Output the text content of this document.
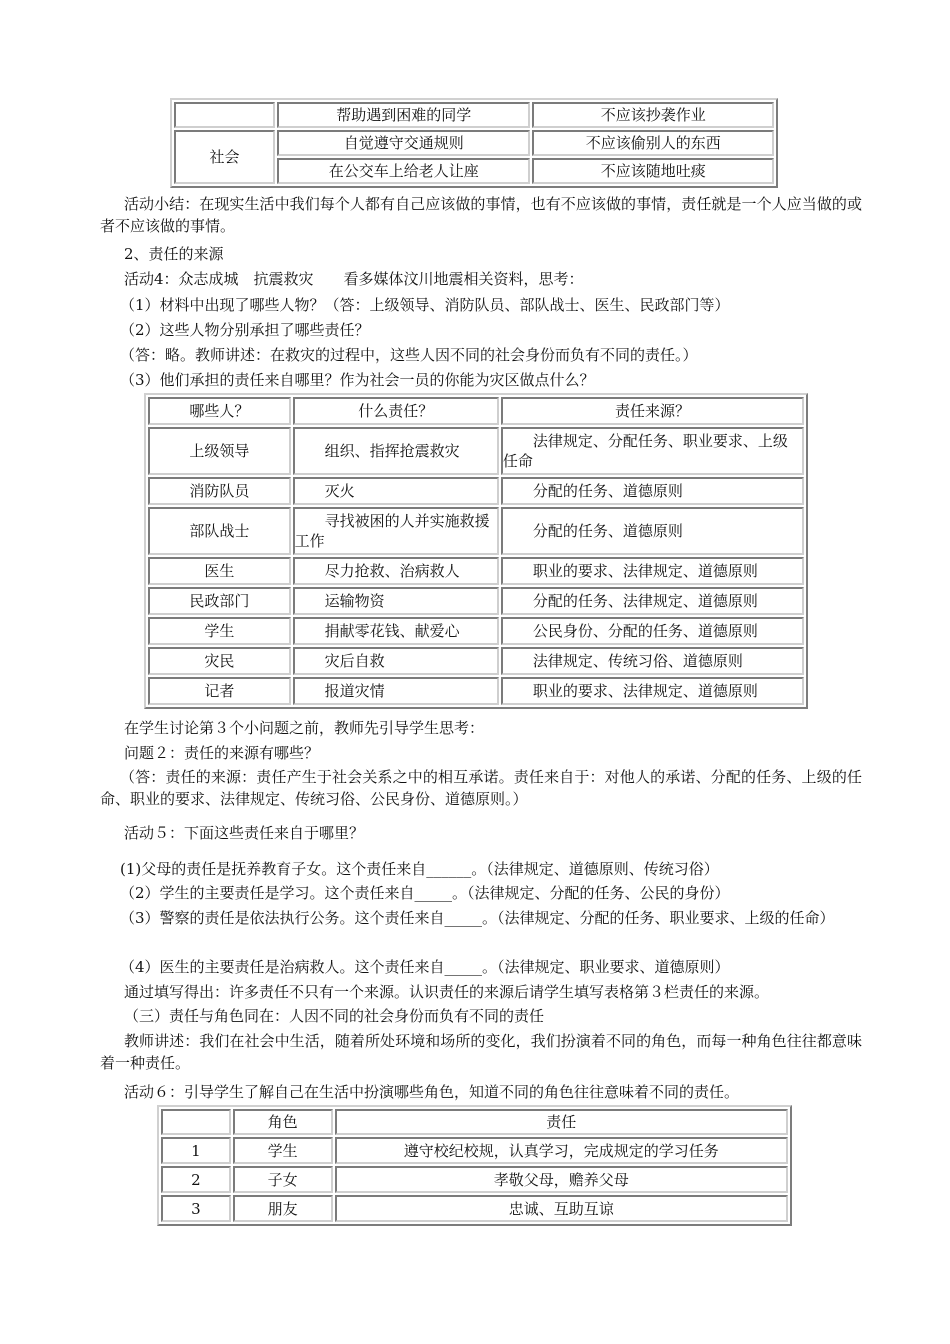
	帮助遇到困难的同学	不应该抄袭作业
社会	自觉遵守交通规则	不应该偷别人的东西
	在公交车上给老人让座	不应该随地吐痰

活动小结：在现实生活中我们每个人都有自己应该做的事情，也有不应该做的事情，责任就是一个人应当做的或者不应该做的事情。

2、责任的来源

活动4：众志成城　抗震救灾　　看多媒体汶川地震相关资料，思考：

（1）材料中出现了哪些人物？（答：上级领导、消防队员、部队战士、医生、民政部门等）

（2）这些人物分别承担了哪些责任？

（答：略。教师讲述：在救灾的过程中，这些人因不同的社会身份而负有不同的责任。）

（3）他们承担的责任来自哪里？作为社会一员的你能为灾区做点什么？

哪些人？	什么责任？	责任来源？
上级领导	组织、指挥抢震救灾	法律规定、分配任务、职业要求、上级任命
消防队员	灭火	分配的任务、道德原则
部队战士	寻找被困的人并实施救援工作	分配的任务、道德原则
医生	尽力抢救、治病救人	职业的要求、法律规定、道德原则
民政部门	运输物资	分配的任务、法律规定、道德原则
学生	捐献零花钱、献爱心	公民身份、分配的任务、道德原则
灾民	灾后自救	法律规定、传统习俗、道德原则
记者	报道灾情	职业的要求、法律规定、道德原则

在学生讨论第３个小问题之前，教师先引导学生思考：

问题２：责任的来源有哪些？

（答：责任的来源：责任产生于社会关系之中的相互承诺。责任来自于：对他人的承诺、分配的任务、上级的任命、职业的要求、法律规定、传统习俗、公民身份、道德原则。）

活动５：下面这些责任来自于哪里？

(1)父母的责任是抚养教育子女。这个责任来自______。（法律规定、道德原则、传统习俗）

（2）学生的主要责任是学习。这个责任来自_____。（法律规定、分配的任务、公民的身份）

（3）警察的责任是依法执行公务。这个责任来自_____。（法律规定、分配的任务、职业要求、上级的任命）

（4）医生的主要责任是治病救人。这个责任来自_____。（法律规定、职业要求、道德原则）

通过填写得出：许多责任不只有一个来源。认识责任的来源后请学生填写表格第３栏责任的来源。

（三）责任与角色同在：人因不同的社会身份而负有不同的责任

教师讲述：我们在社会中生活，随着所处环境和场所的变化，我们扮演着不同的角色，而每一种角色往往都意味着一种责任。

活动６：引导学生了解自己在生活中扮演哪些角色，知道不同的角色往往意味着不同的责任。

	角色	责任
1	学生	遵守校纪校规，认真学习，完成规定的学习任务
2	子女	孝敬父母，赡养父母
3	朋友	忠诚、互助互谅
